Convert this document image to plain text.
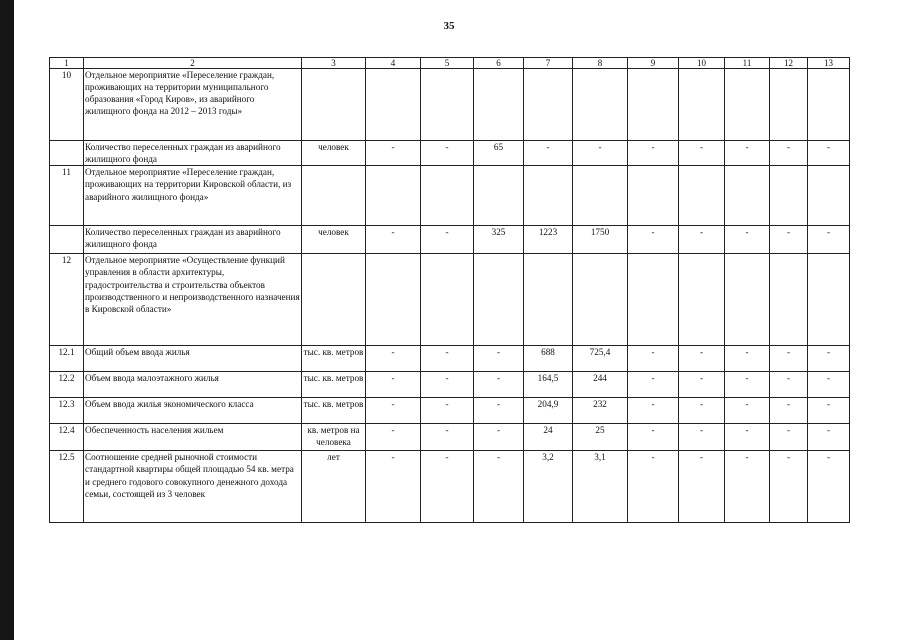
35
1	2	3	4	5	6	7	8	9	10	11	12	13
10	Отдельное мероприятие «Переселение граждан, проживающих на территории муниципального образования «Город Киров», из аварийного жилищного фонда на 2012 – 2013 годы»											
	Количество переселенных граждан из аварийного жилищного фонда	человек	-	-	65	-	-	-	-	-	-	-
11	Отдельное мероприятие «Переселение граждан, проживающих на территории Кировской области, из аварийного жилищного фонда»											
	Количество переселенных граждан из аварийного жилищного фонда	человек	-	-	325	1223	1750	-	-	-	-	-
12	Отдельное мероприятие «Осуществление функций управления в области архитектуры, градостроительства и строительства объектов производственного и непроизводственного назначения в Кировской области»											
12.1	Общий объем ввода жилья	тыс. кв. метров	-	-	-	688	725,4	-	-	-	-	-
12.2	Объем ввода малоэтажного жилья	тыс. кв. метров	-	-	-	164,5	244	-	-	-	-	-
12.3	Объем ввода жилья экономического класса	тыс. кв. метров	-	-	-	204,9	232	-	-	-	-	-
12.4	Обеспеченность населения жильем	кв. метров на человека	-	-	-	24	25	-	-	-	-	-
12.5	Соотношение средней рыночной стоимости стандартной квартиры общей площадью 54 кв. метра и среднего годового совокупного денежного дохода семьи, состоящей из 3 человек	лет	-	-	-	3,2	3,1	-	-	-	-	-
